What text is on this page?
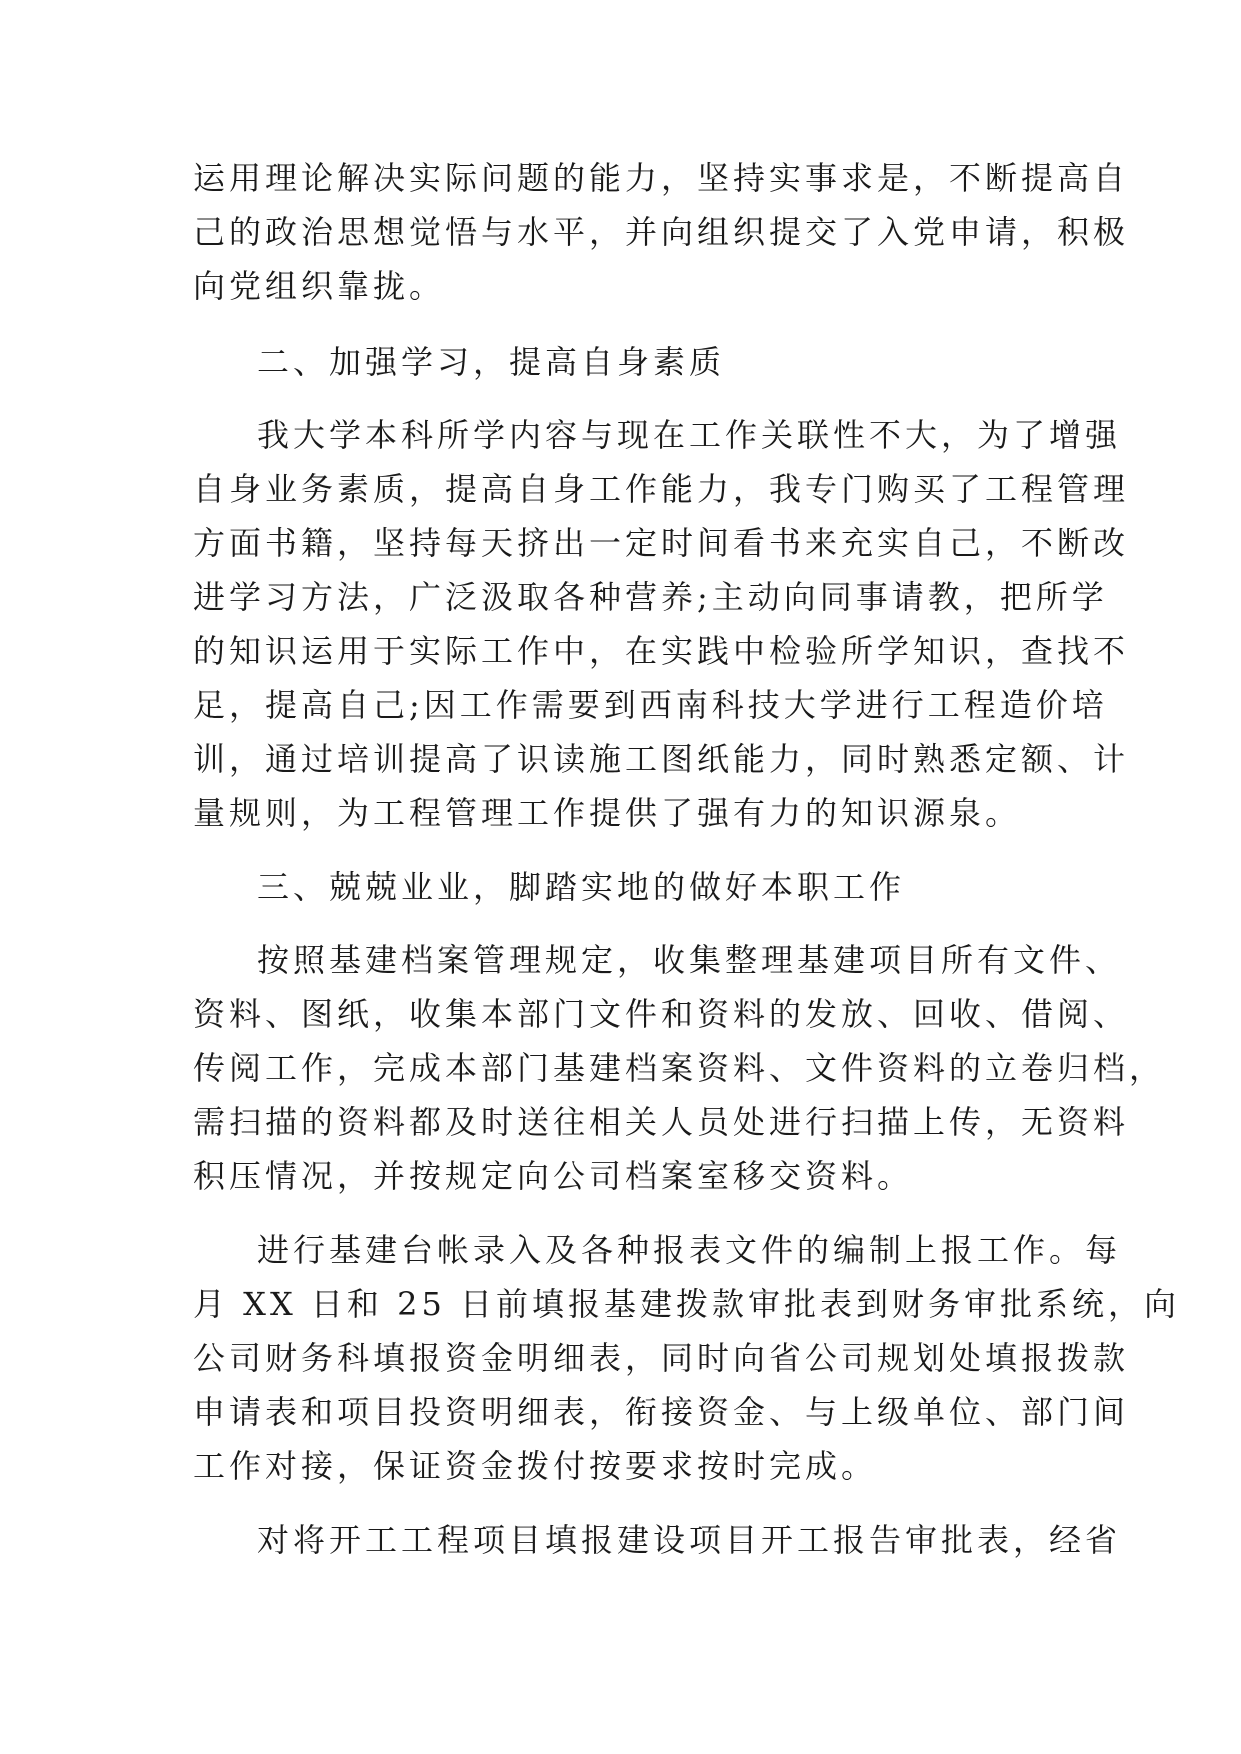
运用理论解决实际问题的能力，坚持实事求是，不断提高自
己的政治思想觉悟与水平，并向组织提交了入党申请，积极
向党组织靠拢。
二、加强学习，提高自身素质
我大学本科所学内容与现在工作关联性不大，为了增强
自身业务素质，提高自身工作能力，我专门购买了工程管理
方面书籍，坚持每天挤出一定时间看书来充实自己，不断改
进学习方法，广泛汲取各种营养;主动向同事请教，把所学
的知识运用于实际工作中，在实践中检验所学知识，查找不
足，提高自己;因工作需要到西南科技大学进行工程造价培
训，通过培训提高了识读施工图纸能力，同时熟悉定额、计
量规则，为工程管理工作提供了强有力的知识源泉。
三、兢兢业业，脚踏实地的做好本职工作
按照基建档案管理规定，收集整理基建项目所有文件、
资料、图纸，收集本部门文件和资料的发放、回收、借阅、
传阅工作，完成本部门基建档案资料、文件资料的立卷归档，
需扫描的资料都及时送往相关人员处进行扫描上传，无资料
积压情况，并按规定向公司档案室移交资料。
进行基建台帐录入及各种报表文件的编制上报工作。每
月 XX 日和 25 日前填报基建拨款审批表到财务审批系统，向
公司财务科填报资金明细表，同时向省公司规划处填报拨款
申请表和项目投资明细表，衔接资金、与上级单位、部门间
工作对接，保证资金拨付按要求按时完成。
对将开工工程项目填报建设项目开工报告审批表，经省
